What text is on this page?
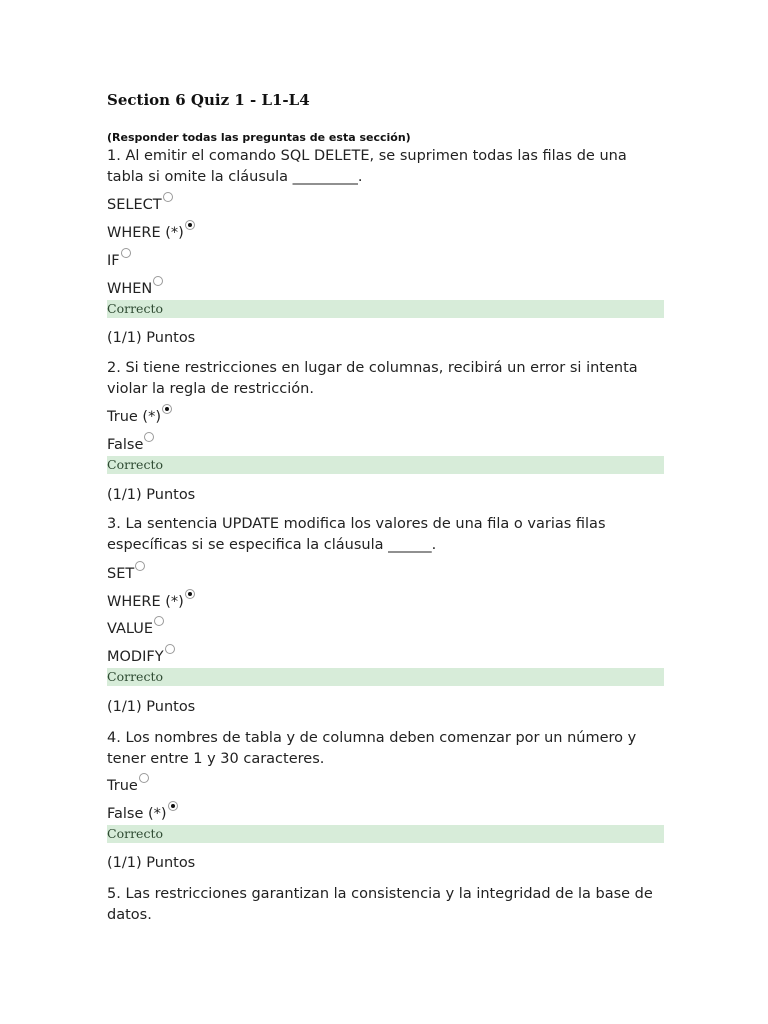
Section 6 Quiz 1 - L1-L4
(Responder todas las preguntas de esta sección)
1. Al emitir el comando SQL DELETE, se suprimen todas las filas de una tabla si omite la cláusula _________.
SELECT
WHERE (*)
IF
WHEN
Correcto
(1/1) Puntos
2. Si tiene restricciones en lugar de columnas, recibirá un error si intenta violar la regla de restricción.
True (*)
False
Correcto
(1/1) Puntos
3. La sentencia UPDATE modifica los valores de una fila o varias filas específicas si se especifica la cláusula ______.
SET
WHERE (*)
VALUE
MODIFY
Correcto
(1/1) Puntos
4. Los nombres de tabla y de columna deben comenzar por un número y tener entre 1 y 30 caracteres.
True
False (*)
Correcto
(1/1) Puntos
5. Las restricciones garantizan la consistencia y la integridad de la base de datos.
